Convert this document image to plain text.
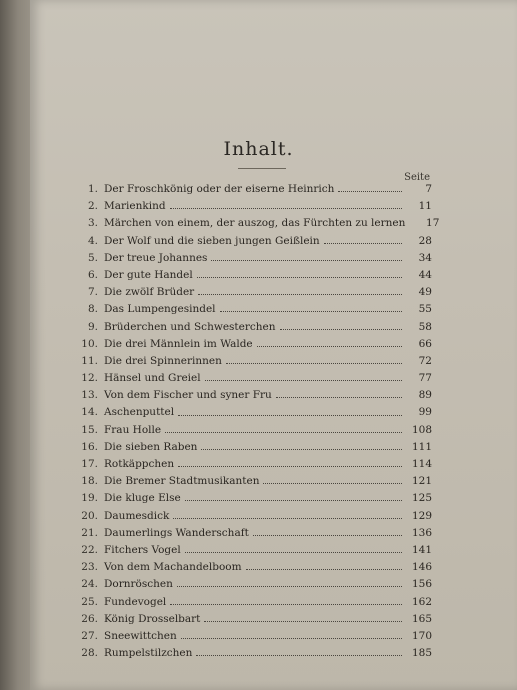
Inhalt.
Seite
1. Der Froschkönig oder der eiserne Heinrich	7
2. Marienkind	11
3. Märchen von einem, der auszog, das Fürchten zu lernen	17
4. Der Wolf und die sieben jungen Geißlein	28
5. Der treue Johannes	34
6. Der gute Handel	44
7. Die zwölf Brüder	49
8. Das Lumpengesindel	55
9. Brüderchen und Schwesterchen	58
10. Die drei Männlein im Walde	66
11. Die drei Spinnerinnen	72
12. Hänsel und Greiel	77
13. Von dem Fischer und syner Fru	89
14. Aschenputtel	99
15. Frau Holle	108
16. Die sieben Raben	111
17. Rotkäppchen	114
18. Die Bremer Stadtmusikanten	121
19. Die kluge Else	125
20. Daumesdick	129
21. Daumerlings Wanderschaft	136
22. Fitchers Vogel	141
23. Von dem Machandelboom	146
24. Dornröschen	156
25. Fundevogel	162
26. König Drosselbart	165
27. Sneewittchen	170
28. Rumpelstilzchen	185
